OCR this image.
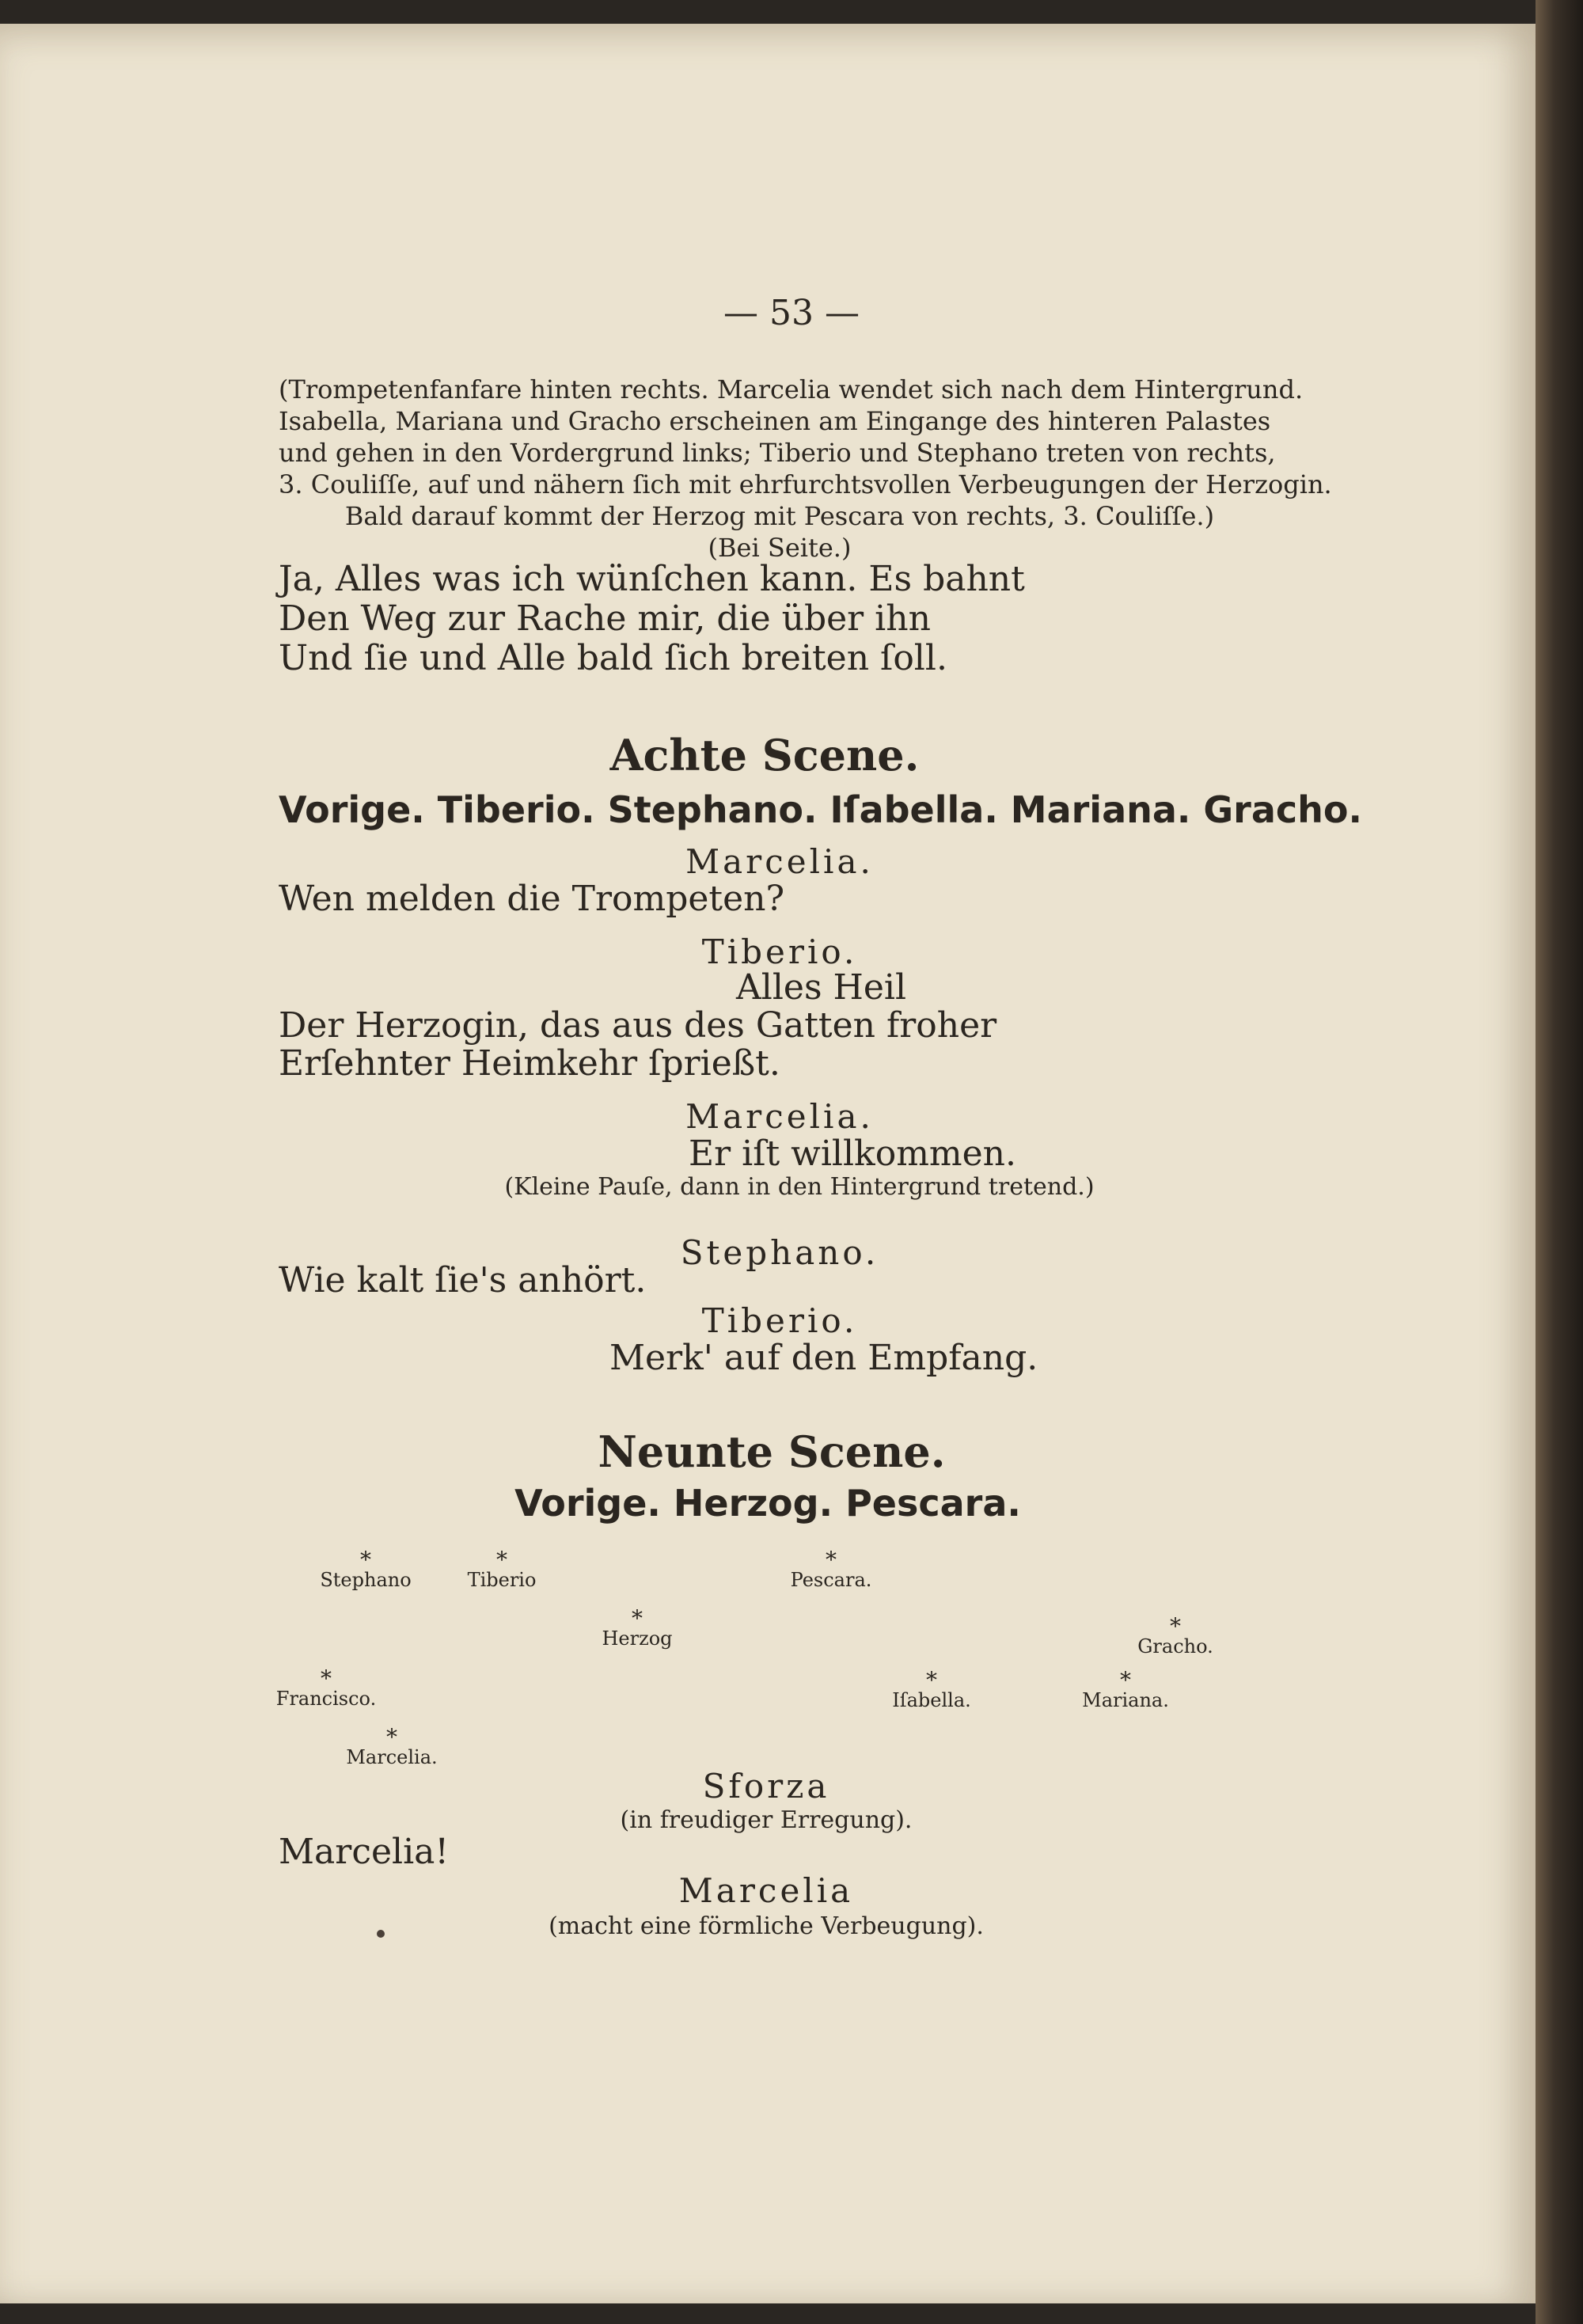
— 53 —
(Trompetenfanfare hinten rechts. Marcelia wendet sich nach dem Hintergrund.
Isabella, Mariana und Gracho erscheinen am Eingange des hinteren Palastes
und gehen in den Vordergrund links; Tiberio und Stephano treten von rechts,
3. Couliſſe, auf und nähern ſich mit ehrfurchtsvollen Verbeugungen der Herzogin.
Bald darauf kommt der Herzog mit Pescara von rechts, 3. Couliſſe.)
(Bei Seite.)
Ja, Alles was ich wünſchen kann. Es bahnt
Den Weg zur Rache mir, die über ihn
Und ſie und Alle bald ſich breiten ſoll.
Achte Scene.
Vorige. Tiberio. Stephano. Iſabella. Mariana. Gracho.
Marcelia.
Wen melden die Trompeten?
Tiberio.
Alles Heil
Der Herzogin, das aus des Gatten froher
Erſehnter Heimkehr ſprießt.
Marcelia.
Er iſt willkommen.
(Kleine Pauſe, dann in den Hintergrund tretend.)
Stephano.
Wie kalt ſie's anhört.
Tiberio.
Merk' auf den Empfang.
Neunte Scene.
Vorige. Herzog. Pescara.
*
Stephano
*
Tiberio
*
Pescara.
*
Herzog	*
Gracho.
*
Francisco.
*
Iſabella.
*
Mariana.
*
Marcelia.
Sforza
(in freudiger Erregung).
Marcelia!
Marcelia
(macht eine förmliche Verbeugung).
